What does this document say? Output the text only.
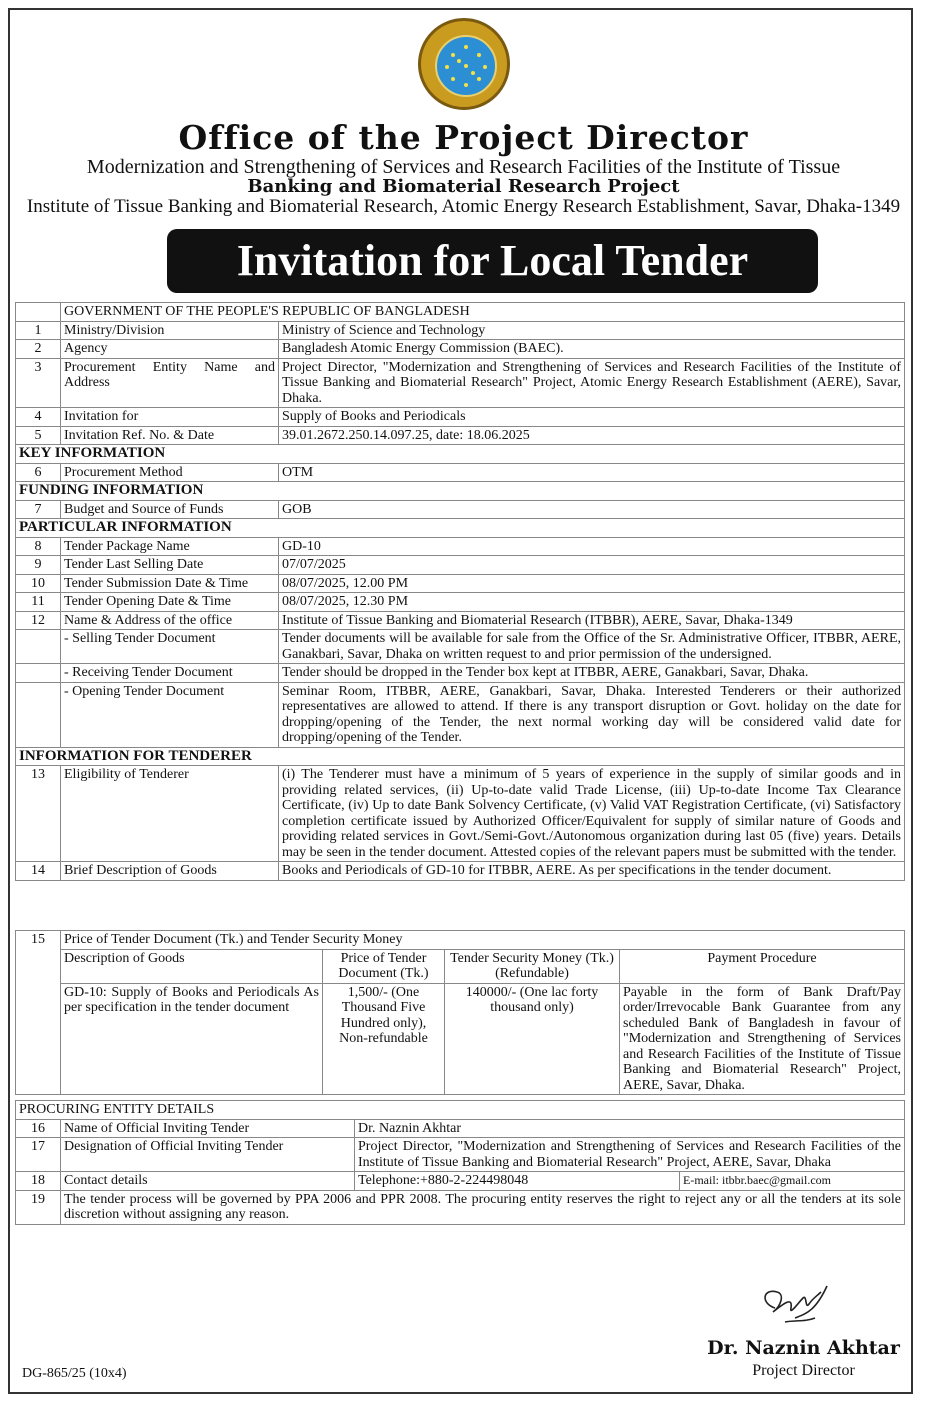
Office of the Project Director
Modernization and Strengthening of Services and Research Facilities of the Institute of Tissue
Banking and Biomaterial Research Project
Institute of Tissue Banking and Biomaterial Research, Atomic Energy Research Establishment, Savar, Dhaka-1349
Invitation for Local Tender (OTM)
	GOVERNMENT OF THE PEOPLE'S REPUBLIC OF BANGLADESH	
1	Ministry/Division	Ministry of Science and Technology
2	Agency	Bangladesh Atomic Energy Commission (BAEC).
3	Procurement Entity Name and Address	Project Director, "Modernization and Strengthening of Services and Research Facilities of the Institute of Tissue Banking and Biomaterial Research" Project, Atomic Energy Research Establishment (AERE), Savar, Dhaka.
4	Invitation for	Supply of Books and Periodicals
5	Invitation Ref. No. & Date	39.01.2672.250.14.097.25, date: 18.06.2025
KEY INFORMATION		
6	Procurement Method	OTM
FUNDING INFORMATION		
7	Budget and Source of Funds	GOB
PARTICULAR INFORMATION		
8	Tender Package Name	GD-10
9	Tender Last Selling Date	07/07/2025
10	Tender Submission Date & Time	08/07/2025, 12.00 PM
11	Tender Opening Date & Time	08/07/2025, 12.30 PM
12	Name & Address of the office	Institute of Tissue Banking and Biomaterial Research (ITBBR), AERE, Savar, Dhaka-1349
	- Selling Tender Document	Tender documents will be available for sale from the Office of the Sr. Administrative Officer, ITBBR, AERE, Ganakbari, Savar, Dhaka on written request to and prior permission of the undersigned.
	- Receiving Tender Document	Tender should be dropped in the Tender box kept at ITBBR, AERE, Ganakbari, Savar, Dhaka.
	- Opening Tender Document	Seminar Room, ITBBR, AERE, Ganakbari, Savar, Dhaka. Interested Tenderers or their authorized representatives are allowed to attend. If there is any transport disruption or Govt. holiday on the date for dropping/opening of the Tender, the next normal working day will be considered valid date for dropping/opening of the Tender.
INFORMATION FOR TENDERER		
13	Eligibility of Tenderer	(i) The Tenderer must have a minimum of 5 years of experience in the supply of similar goods and in providing related services, (ii) Up-to-date valid Trade License, (iii) Up-to-date Income Tax Clearance Certificate, (iv) Up to date Bank Solvency Certificate, (v) Valid VAT Registration Certificate, (vi) Satisfactory completion certificate issued by Authorized Officer/Equivalent for supply of similar nature of Goods and providing related services in Govt./Semi-Govt./Autonomous organization during last 05 (five) years. Details may be seen in the tender document. Attested copies of the relevant papers must be submitted with the tender.
14	Brief Description of Goods	Books and Periodicals of GD-10 for ITBBR, AERE. As per specifications in the tender document.
15	Price of Tender Document (Tk.) and Tender Security Money			
	Description of Goods	Price of Tender Document (Tk.)	Tender Security Money (Tk.) (Refundable)	Payment Procedure
	GD-10: Supply of Books and Periodicals As per specification in the tender document	1,500/- (One Thousand Five Hundred only), Non-refundable	140000/- (One lac forty thousand only)	Payable in the form of Bank Draft/Pay order/Irrevocable Bank Guarantee from any scheduled Bank of Bangladesh in favour of "Modernization and Strengthening of Services and Research Facilities of the Institute of Tissue Banking and Biomaterial Research" Project, AERE, Savar, Dhaka.
PROCURING ENTITY DETAILS			
16	Name of Official Inviting Tender	Dr. Naznin Akhtar	
17	Designation of Official Inviting Tender	Project Director, "Modernization and Strengthening of Services and Research Facilities of the Institute of Tissue Banking and Biomaterial Research" Project, AERE, Savar, Dhaka	
18	Contact details	Telephone:+880-2-224498048	E-mail: itbbr.baec@gmail.com
19	The tender process will be governed by PPA 2006 and PPR 2008. The procuring entity reserves the right to reject any or all the tenders at its sole discretion without assigning any reason.		
Dr. Naznin Akhtar
Project Director
DG-865/25 (10x4)
